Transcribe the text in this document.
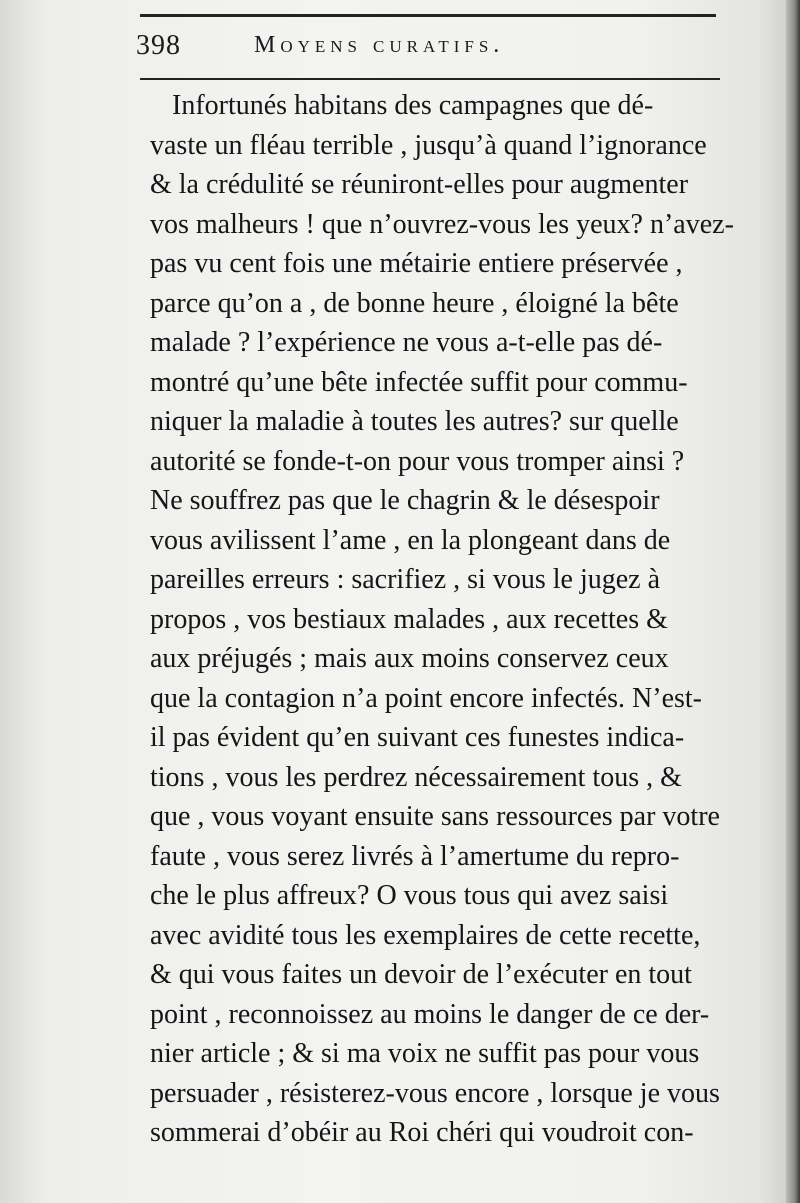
398	Moyens curatifs.
Infortunés habitans des campagnes que dé-
vaste un fléau terrible , jusqu’à quand l’ignorance
& la crédulité se réuniront-elles pour augmenter
vos malheurs ! que n’ouvrez-vous les yeux? n’avez-
pas vu cent fois une métairie entiere préservée ,
parce qu’on a , de bonne heure , éloigné la bête
malade ? l’expérience ne vous a-t-elle pas dé-
montré qu’une bête infectée suffit pour commu-
niquer la maladie à toutes les autres? sur quelle
autorité se fonde-t-on pour vous tromper ainsi ?
Ne souffrez pas que le chagrin & le désespoir
vous avilissent l’ame , en la plongeant dans de
pareilles erreurs : sacrifiez , si vous le jugez à
propos , vos bestiaux malades , aux recettes &
aux préjugés ; mais aux moins conservez ceux
que la contagion n’a point encore infectés. N’est-
il pas évident qu’en suivant ces funestes indica-
tions , vous les perdrez nécessairement tous , &
que , vous voyant ensuite sans ressources par votre
faute , vous serez livrés à l’amertume du repro-
che le plus affreux? O vous tous qui avez saisi
avec avidité tous les exemplaires de cette recette,
& qui vous faites un devoir de l’exécuter en tout
point , reconnoissez au moins le danger de ce der-
nier article ; & si ma voix ne suffit pas pour vous
persuader , résisterez-vous encore , lorsque je vous
sommerai d’obéir au Roi chéri qui voudroit con-
